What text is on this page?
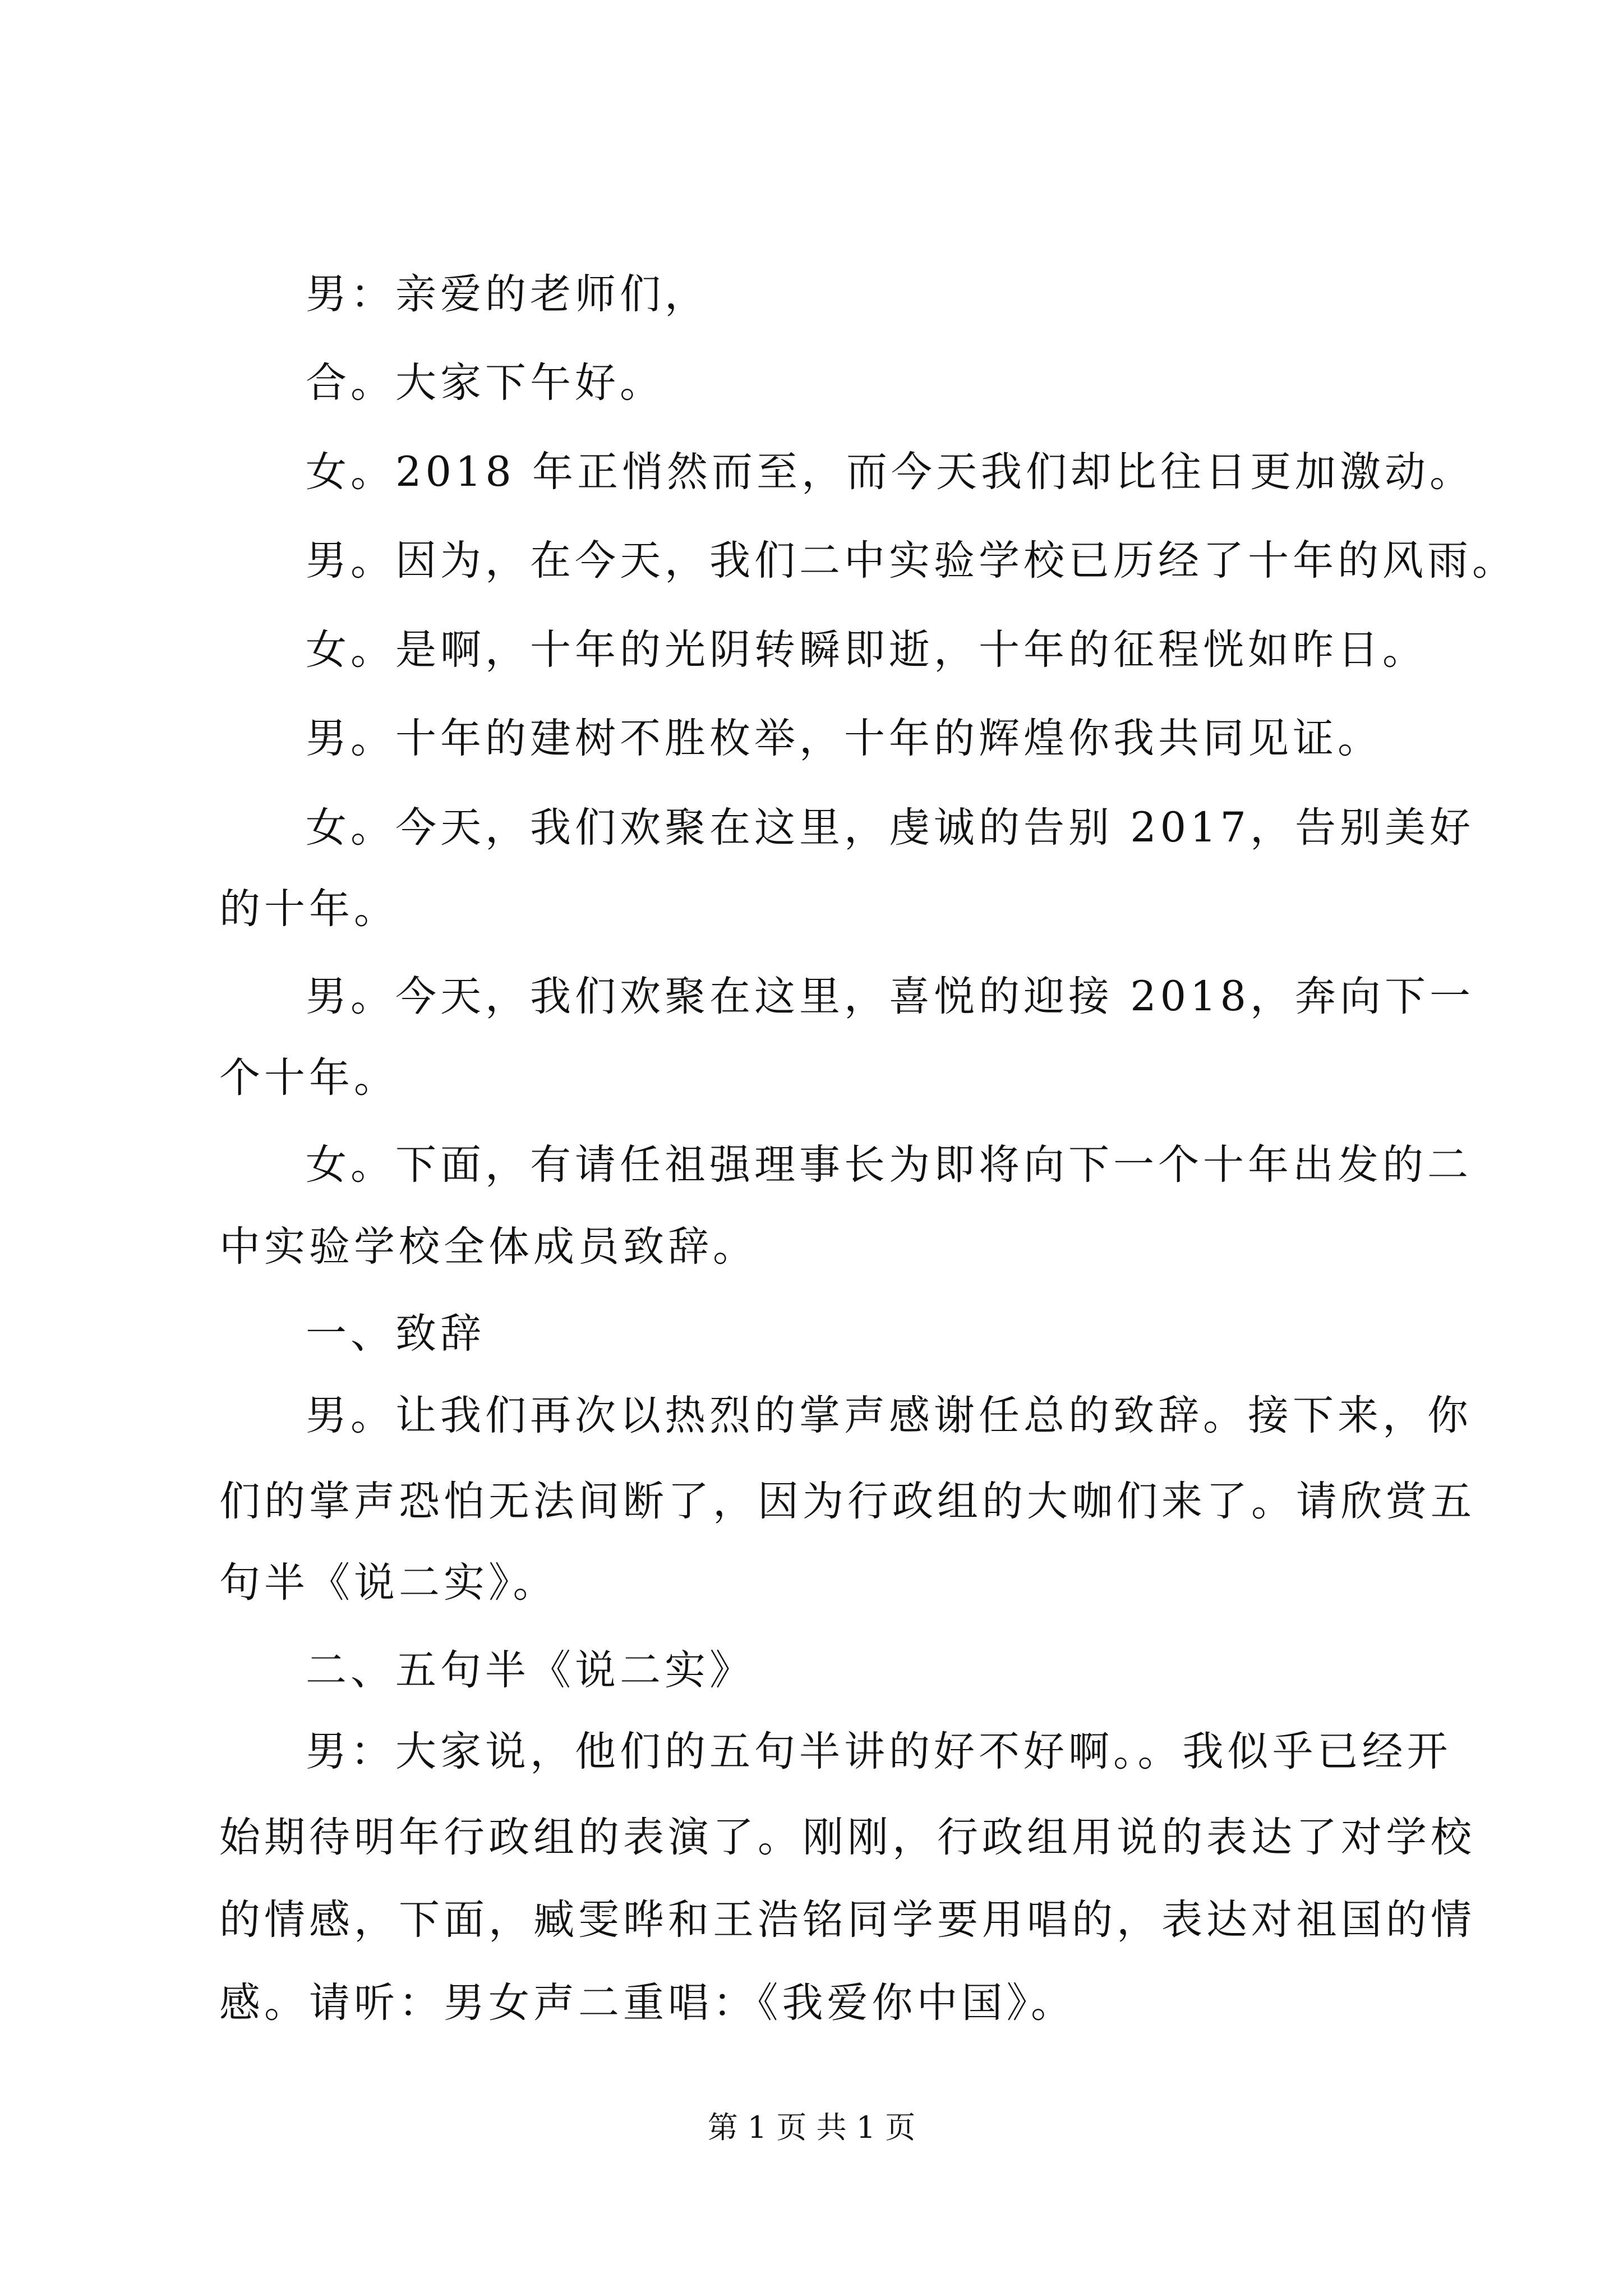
男：亲爱的老师们，
合。大家下午好。
女。2018 年正悄然而至，而今天我们却比往日更加激动。
男。因为，在今天，我们二中实验学校已历经了十年的风雨。
女。是啊，十年的光阴转瞬即逝，十年的征程恍如昨日。
男。十年的建树不胜枚举，十年的辉煌你我共同见证。
女。今天，我们欢聚在这里，虔诚的告别 2017，告别美好
的十年。
男。今天，我们欢聚在这里，喜悦的迎接 2018，奔向下一
个十年。
女。下面，有请任祖强理事长为即将向下一个十年出发的二
中实验学校全体成员致辞。
一、致辞
男。让我们再次以热烈的掌声感谢任总的致辞。接下来，你
们的掌声恐怕无法间断了，因为行政组的大咖们来了。请欣赏五
句半《说二实》。
二、五句半《说二实》
男：大家说，他们的五句半讲的好不好啊。。我似乎已经开
始期待明年行政组的表演了。刚刚，行政组用说的表达了对学校
的情感，下面，臧雯晔和王浩铭同学要用唱的，表达对祖国的情
感。请听：男女声二重唱：《我爱你中国》。
第 1 页 共 1 页
